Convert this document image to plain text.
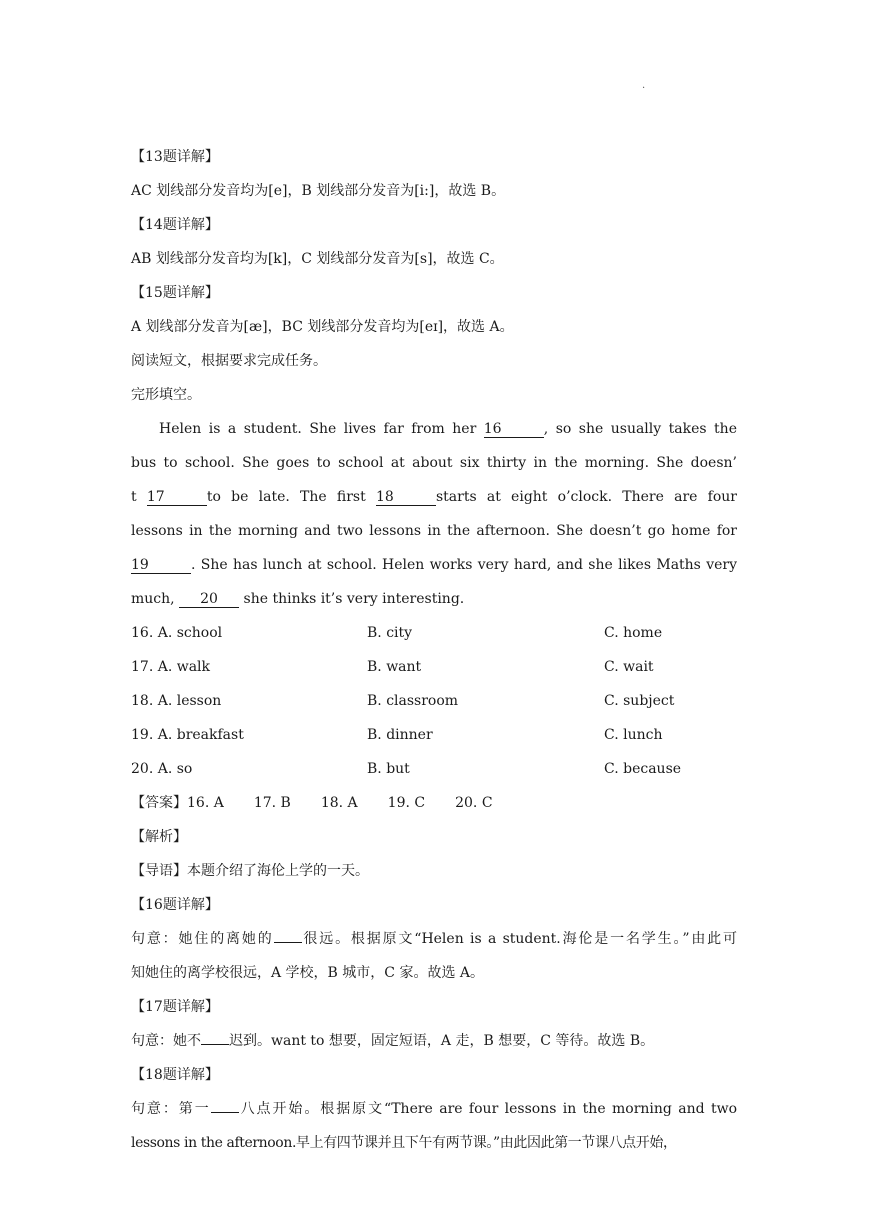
.
【13题详解】
AC 划线部分发音均为[e]，B 划线部分发音为[i:]，故选 B。
【14题详解】
AB 划线部分发音均为[k]，C 划线部分发音为[s]，故选 C。
【15题详解】
A 划线部分发音为[æ]，BC 划线部分发音均为[eɪ]，故选 A。
阅读短文，根据要求完成任务。
完形填空。
Helen is a student. She lives far from her 16	, so she usually takes the
bus to school. She goes to school at about six thirty in the morning. She doesn’
t 17	to be late. The first 18	starts at eight o’clock. There are four
lessons in the morning and two lessons in the afternoon. She doesn’t go home for
19	. She has lunch at school. Helen works very hard, and she likes Maths very
much, 20 she thinks it’s very interesting.
16. A. school	B. city	C. home
17. A. walk	B. want	C. wait
18. A. lesson	B. classroom	C. subject
19. A. breakfast	B. dinner	C. lunch
20. A. so	B. but	C. because
【答案】16. A 17. B 18. A 19. C 20. C
【解析】
【导语】本题介绍了海伦上学的一天。
【16题详解】
句意：她住的离她的 很远。根据原文“Helen is a student.海伦是一名学生。”由此可
知她住的离学校很远，A 学校，B 城市，C 家。故选 A。
【17题详解】
句意：她不 迟到。want to 想要，固定短语，A 走，B 想要，C 等待。故选 B。
【18题详解】
句意：第一 八点开始。根据原文“There are four lessons in the morning and two
lessons in the afternoon.早上有四节课并且下午有两节课。”由此因此第一节课八点开始，
